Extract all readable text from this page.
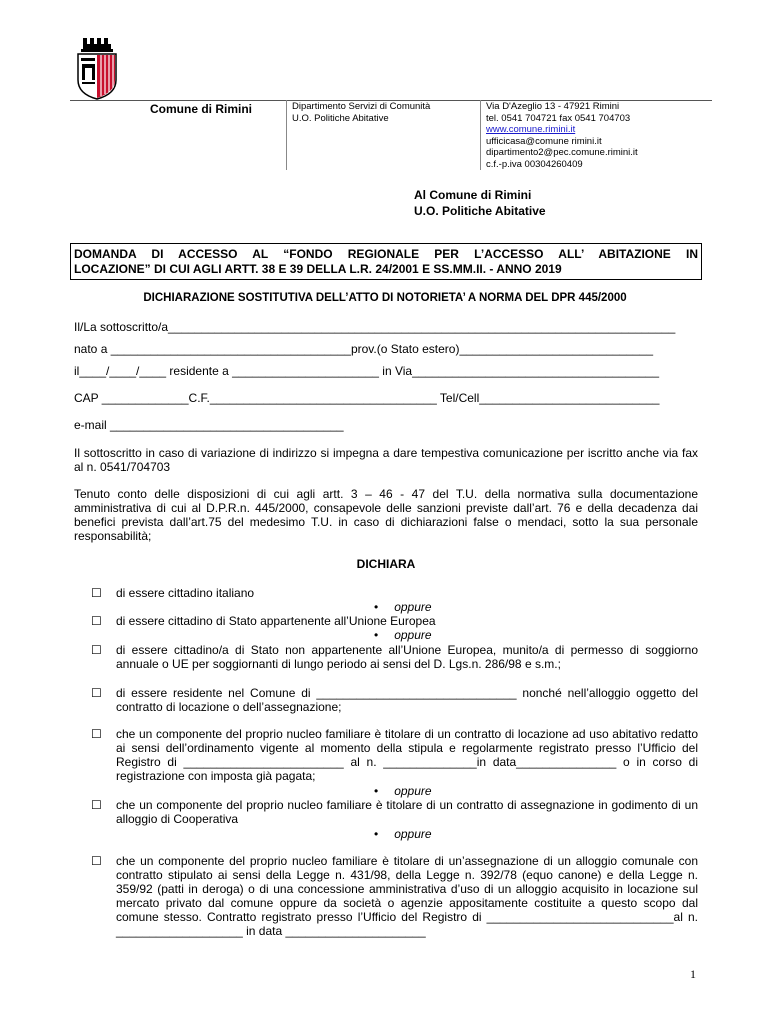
Comune di Rimini	Dipartimento Servizi di Comunità
U.O. Politiche Abitative
Via D'Azeglio 13 - 47921 Rimini
tel. 0541 704721 fax 0541 704703
www.comune.rimini.it
ufficicasa@comune rimini.it
dipartimento2@pec.comune.rimini.it
c.f.-p.iva 00304260409
Al Comune di Rimini
U.O. Politiche Abitative
DOMANDA DI ACCESSO AL “FONDO REGIONALE PER L’ACCESSO ALL’ ABITAZIONE IN
LOCAZIONE” DI CUI AGLI ARTT. 38 E 39 DELLA L.R. 24/2001 E SS.MM.II. - ANNO 2019
DICHIARAZIONE SOSTITUTIVA DELL’ATTO DI NOTORIETA’ A NORMA DEL DPR 445/2000
Il/La sottoscritto/a____________________________________________________________________________
nato a ____________________________________prov.(o Stato estero)_____________________________
il____/____/____ residente a ______________________ in Via_____________________________________
CAP _____________C.F.__________________________________ Tel/Cell___________________________
e-mail ___________________________________
Il sottoscritto in caso di variazione di indirizzo si impegna a dare tempestiva comunicazione per iscritto anche via fax al n. 0541/704703
Tenuto conto delle disposizioni di cui agli artt. 3 – 46 - 47 del T.U. della normativa sulla documentazione amministrativa di cui al D.P.R.n. 445/2000, consapevole delle sanzioni previste dall’art. 76 e della decadenza dai benefici prevista dall’art.75 del medesimo T.U. in caso di dichiarazioni false o mendaci, sotto la sua personale responsabilità;
DICHIARA
☐ di essere cittadino italiano
• oppure
☐ di essere cittadino di Stato appartenente all’Unione Europea
• oppure
☐ di essere cittadino/a di Stato non appartenente all’Unione Europea, munito/a di permesso di soggiorno annuale o UE per soggiornanti di lungo periodo ai sensi del D. Lgs.n. 286/98 e s.m.;
☐ di essere residente nel Comune di ______________________________ nonché nell’alloggio oggetto del contratto di locazione o dell’assegnazione;
☐ che un componente del proprio nucleo familiare è titolare di un contratto di locazione ad uso abitativo redatto ai sensi dell’ordinamento vigente al momento della stipula e regolarmente registrato presso l’Ufficio del Registro di ________________________ al n. ______________in data_______________ o in corso di registrazione con imposta già pagata;
• oppure
☐ che un componente del proprio nucleo familiare è titolare di un contratto di assegnazione in godimento di un alloggio di Cooperativa
• oppure
☐ che un componente del proprio nucleo familiare è titolare di un’assegnazione di un alloggio comunale con contratto stipulato ai sensi della Legge n. 431/98, della Legge n. 392/78 (equo canone) e della Legge n. 359/92 (patti in deroga) o di una concessione amministrativa d’uso di un alloggio acquisito in locazione sul mercato privato dal comune oppure da società o agenzie appositamente costituite a questo scopo dal comune stesso. Contratto registrato presso l’Ufficio del Registro di ____________________________al n. ___________________ in data _____________________
1
